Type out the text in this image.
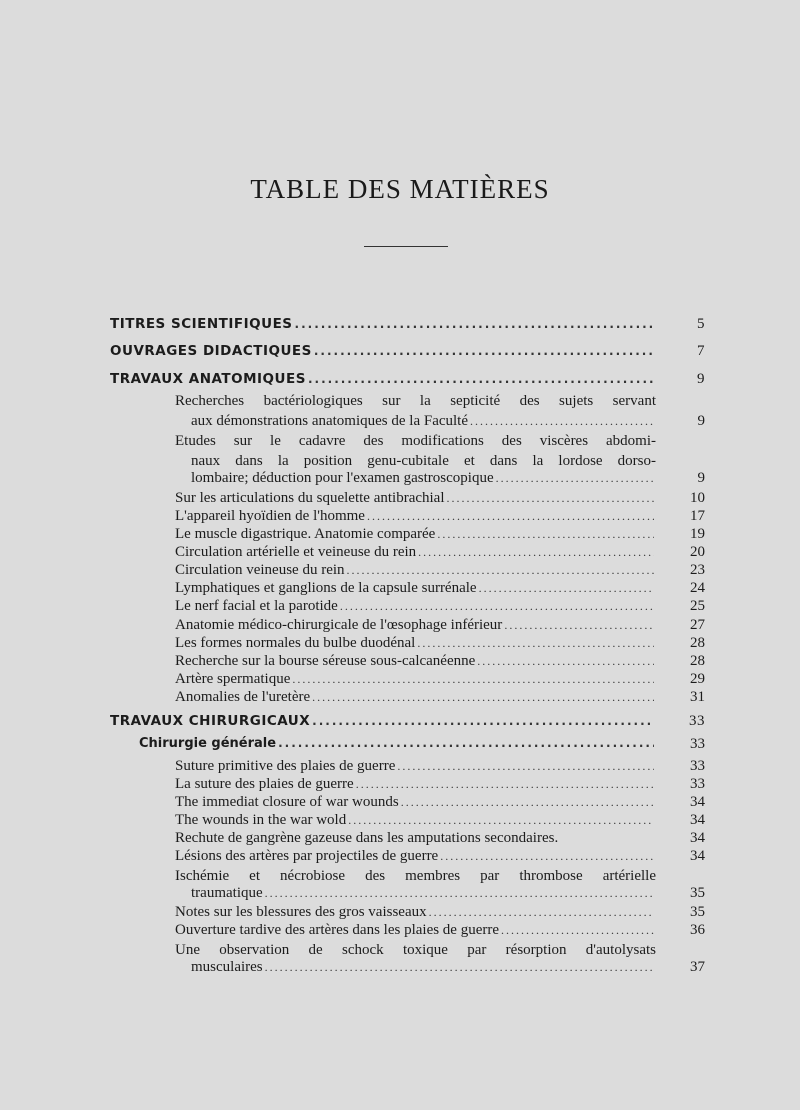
TABLE DES MATIÈRES
TITRES SCIENTIFIQUES .....	5
OUVRAGES DIDACTIQUES .....	7
TRAVAUX ANATOMIQUES .....	9
Recherches bactériologiques sur la septicité des sujets servant
aux démonstrations anatomiques de la Faculté .....	9
Etudes sur le cadavre des modifications des viscères abdomi-
naux dans la position genu-cubitale et dans la lordose dorso-
lombaire; déduction pour l'examen gastroscopique .....	9
Sur les articulations du squelette antibrachial .....	10
L'appareil hyoïdien de l'homme .....	17
Le muscle digastrique. Anatomie comparée .....	19
Circulation artérielle et veineuse du rein .....	20
Circulation veineuse du rein .....	23
Lymphatiques et ganglions de la capsule surrénale .....	24
Le nerf facial et la parotide .....	25
Anatomie médico-chirurgicale de l'œsophage inférieur .....	27
Les formes normales du bulbe duodénal .....	28
Recherche sur la bourse séreuse sous-calcanéenne .....	28
Artère spermatique .....	29
Anomalies de l'uretère .....	31
TRAVAUX CHIRURGICAUX .....	33
Chirurgie générale .....	33
Suture primitive des plaies de guerre .....	33
La suture des plaies de guerre .....	33
The immediat closure of war wounds .....	34
The wounds in the war wold .....	34
Rechute de gangrène gazeuse dans les amputations secondaires.	34
Lésions des artères par projectiles de guerre .....	34
Ischémie et nécrobiose des membres par thrombose artérielle
traumatique .....	35
Notes sur les blessures des gros vaisseaux .....	35
Ouverture tardive des artères dans les plaies de guerre .....	36
Une observation de schock toxique par résorption d'autolysats
musculaires .....	37
